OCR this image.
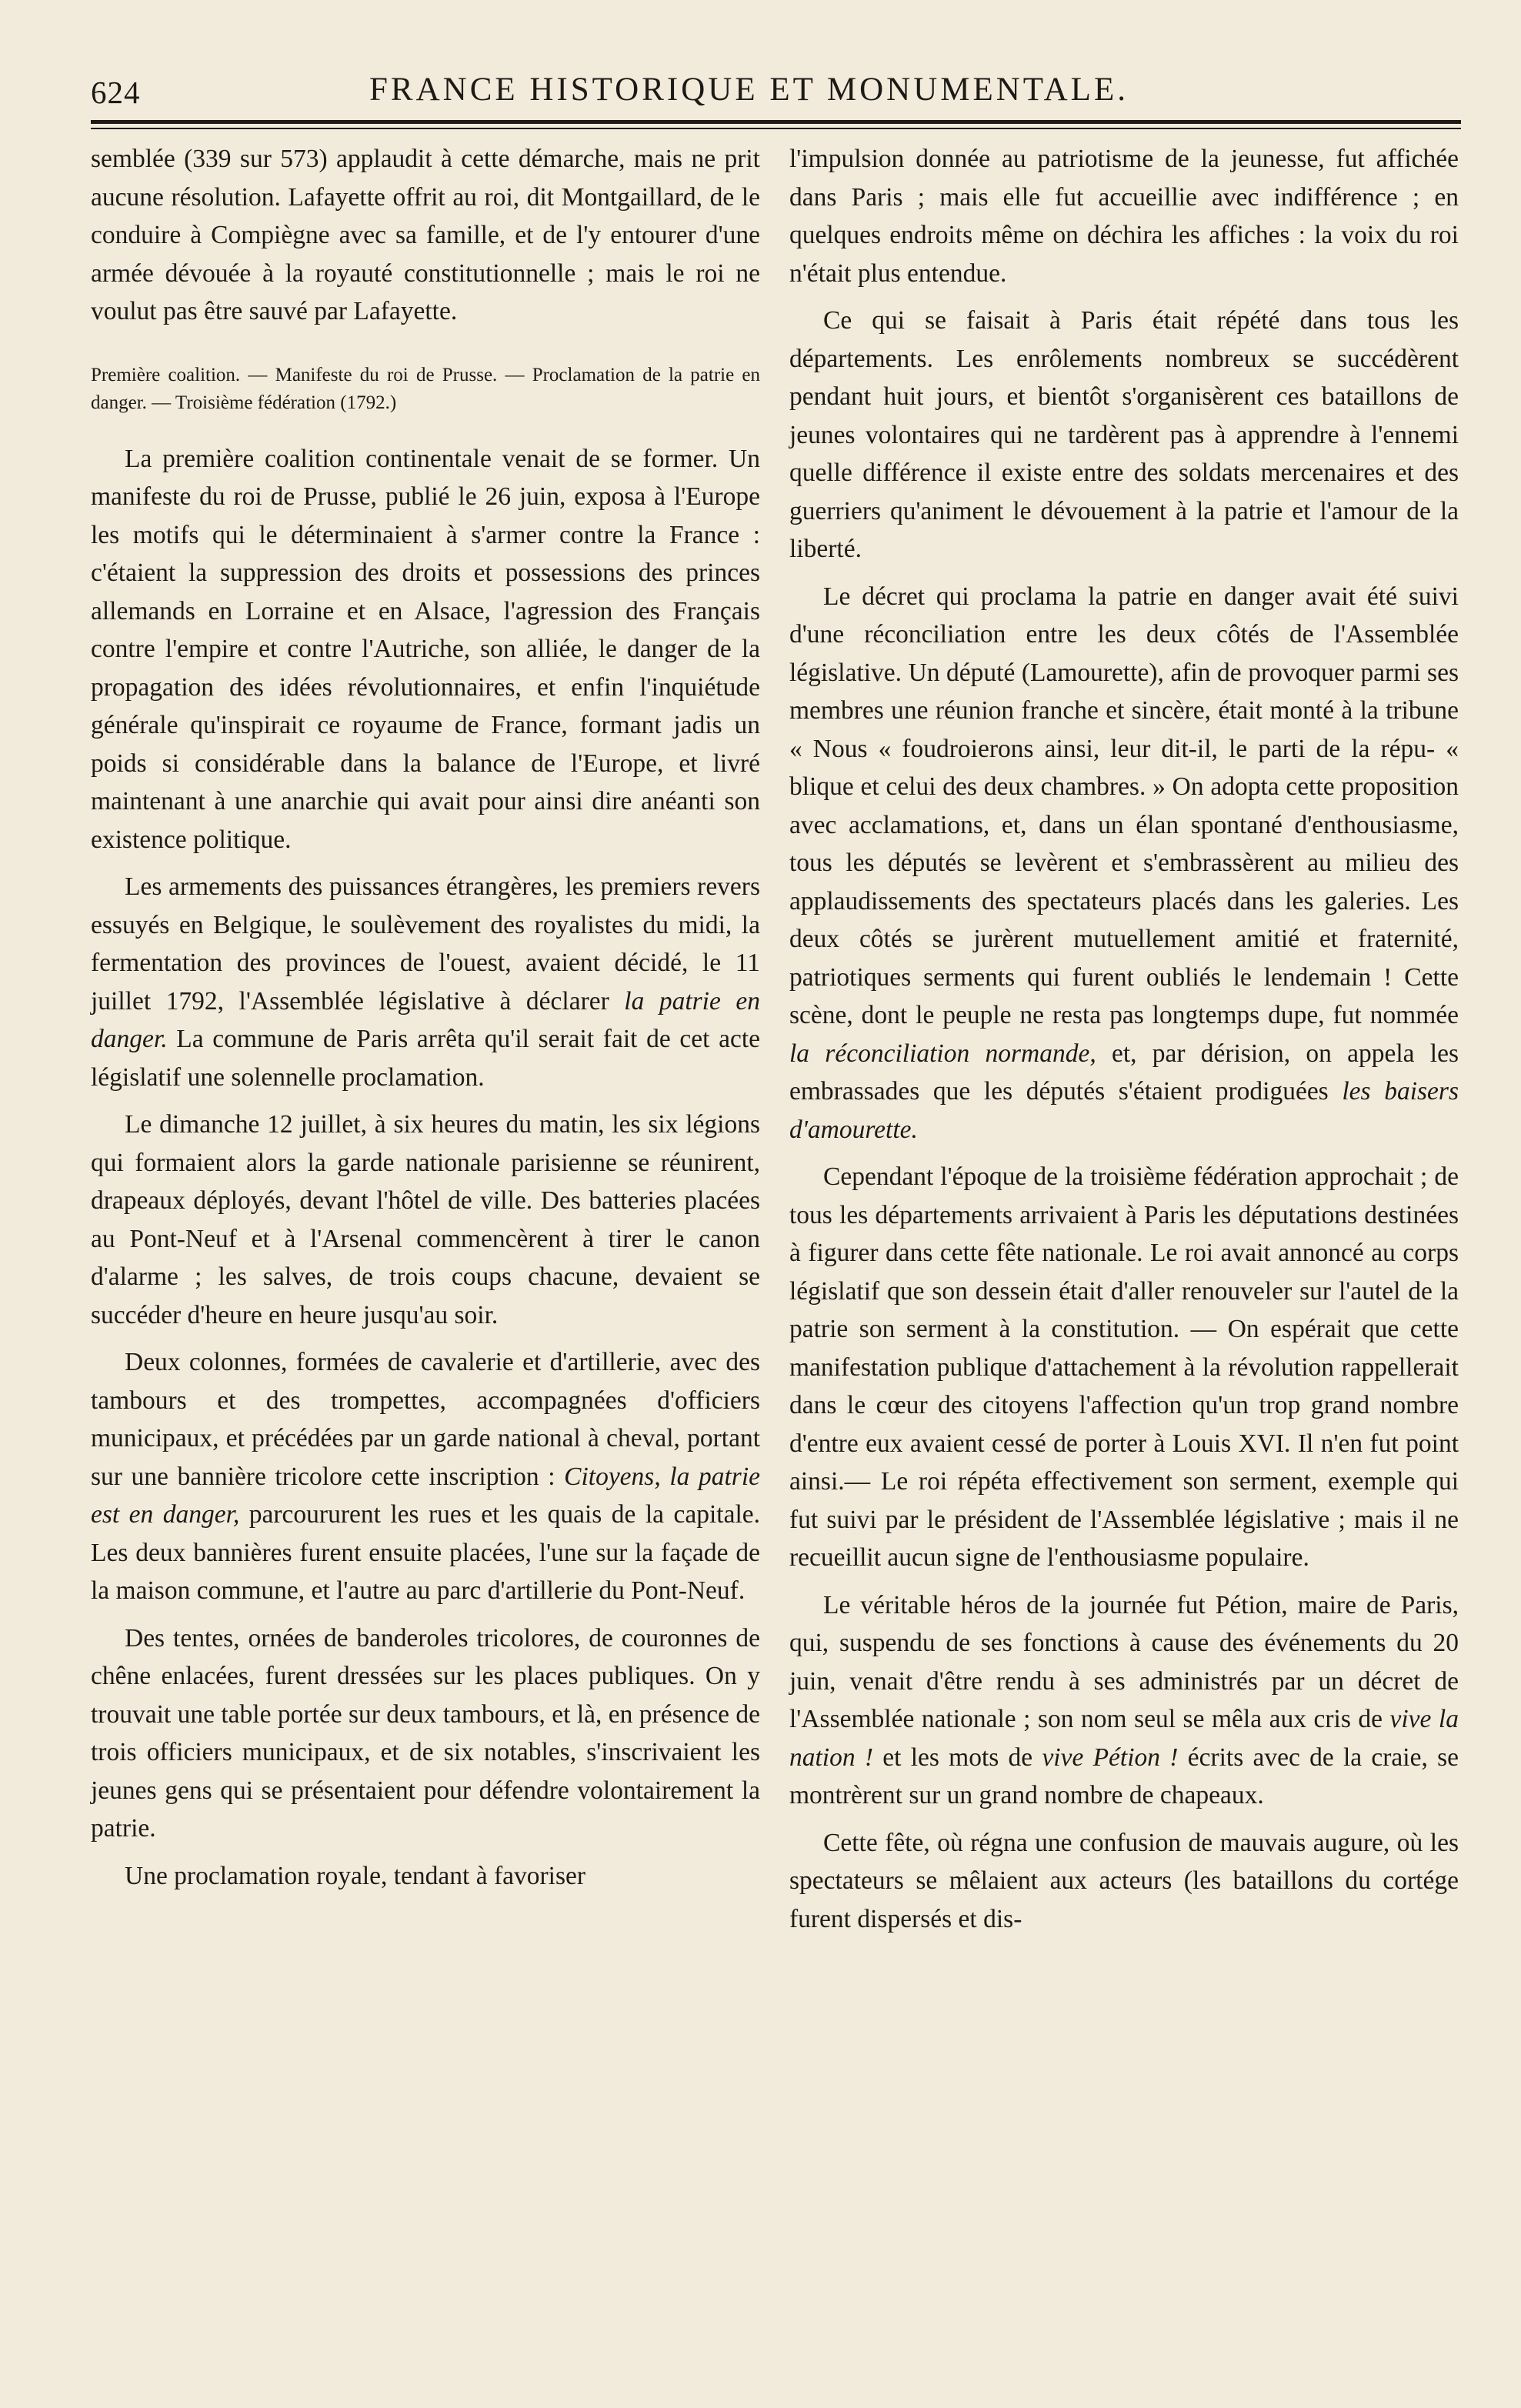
624	FRANCE HISTORIQUE ET MONUMENTALE.

semblée (339 sur 573) applaudit à cette démarche, mais ne prit aucune résolution. Lafayette offrit au roi, dit Montgaillard, de le conduire à Compiègne avec sa famille, et de l'y entourer d'une armée dévouée à la royauté constitutionnelle ; mais le roi ne voulut pas être sauvé par Lafayette.

Première coalition. — Manifeste du roi de Prusse. — Proclamation de la patrie en danger. — Troisième fédération (1792.)

La première coalition continentale venait de se former. Un manifeste du roi de Prusse, publié le 26 juin, exposa à l'Europe les motifs qui le déterminaient à s'armer contre la France : c'étaient la suppression des droits et possessions des princes allemands en Lorraine et en Alsace, l'agression des Français contre l'empire et contre l'Autriche, son alliée, le danger de la propagation des idées révolutionnaires, et enfin l'inquiétude générale qu'inspirait ce royaume de France, formant jadis un poids si considérable dans la balance de l'Europe, et livré maintenant à une anarchie qui avait pour ainsi dire anéanti son existence politique.

Les armements des puissances étrangères, les premiers revers essuyés en Belgique, le soulèvement des royalistes du midi, la fermentation des provinces de l'ouest, avaient décidé, le 11 juillet 1792, l'Assemblée législative à déclarer la patrie en danger. La commune de Paris arrêta qu'il serait fait de cet acte législatif une solennelle proclamation.

Le dimanche 12 juillet, à six heures du matin, les six légions qui formaient alors la garde nationale parisienne se réunirent, drapeaux déployés, devant l'hôtel de ville. Des batteries placées au Pont-Neuf et à l'Arsenal commencèrent à tirer le canon d'alarme ; les salves, de trois coups chacune, devaient se succéder d'heure en heure jusqu'au soir.

Deux colonnes, formées de cavalerie et d'artillerie, avec des tambours et des trompettes, accompagnées d'officiers municipaux, et précédées par un garde national à cheval, portant sur une bannière tricolore cette inscription : Citoyens, la patrie est en danger, parcoururent les rues et les quais de la capitale. Les deux bannières furent ensuite placées, l'une sur la façade de la maison commune, et l'autre au parc d'artillerie du Pont-Neuf.

Des tentes, ornées de banderoles tricolores, de couronnes de chêne enlacées, furent dressées sur les places publiques. On y trouvait une table portée sur deux tambours, et là, en présence de trois officiers municipaux, et de six notables, s'inscrivaient les jeunes gens qui se présentaient pour défendre volontairement la patrie.

Une proclamation royale, tendant à favoriser

l'impulsion donnée au patriotisme de la jeunesse, fut affichée dans Paris ; mais elle fut accueillie avec indifférence ; en quelques endroits même on déchira les affiches : la voix du roi n'était plus entendue.

Ce qui se faisait à Paris était répété dans tous les départements. Les enrôlements nombreux se succédèrent pendant huit jours, et bientôt s'organisèrent ces bataillons de jeunes volontaires qui ne tardèrent pas à apprendre à l'ennemi quelle différence il existe entre des soldats mercenaires et des guerriers qu'animent le dévouement à la patrie et l'amour de la liberté.

Le décret qui proclama la patrie en danger avait été suivi d'une réconciliation entre les deux côtés de l'Assemblée législative. Un député (Lamourette), afin de provoquer parmi ses membres une réunion franche et sincère, était monté à la tribune « Nous « foudroierons ainsi, leur dit-il, le parti de la répu- « blique et celui des deux chambres. » On adopta cette proposition avec acclamations, et, dans un élan spontané d'enthousiasme, tous les députés se levèrent et s'embrassèrent au milieu des applaudissements des spectateurs placés dans les galeries. Les deux côtés se jurèrent mutuellement amitié et fraternité, patriotiques serments qui furent oubliés le lendemain ! Cette scène, dont le peuple ne resta pas longtemps dupe, fut nommée la réconciliation normande, et, par dérision, on appela les embrassades que les députés s'étaient prodiguées les baisers d'amourette.

Cependant l'époque de la troisième fédération approchait ; de tous les départements arrivaient à Paris les députations destinées à figurer dans cette fête nationale. Le roi avait annoncé au corps législatif que son dessein était d'aller renouveler sur l'autel de la patrie son serment à la constitution. — On espérait que cette manifestation publique d'attachement à la révolution rappellerait dans le cœur des citoyens l'affection qu'un trop grand nombre d'entre eux avaient cessé de porter à Louis XVI. Il n'en fut point ainsi.— Le roi répéta effectivement son serment, exemple qui fut suivi par le président de l'Assemblée législative ; mais il ne recueillit aucun signe de l'enthousiasme populaire.

Le véritable héros de la journée fut Pétion, maire de Paris, qui, suspendu de ses fonctions à cause des événements du 20 juin, venait d'être rendu à ses administrés par un décret de l'Assemblée nationale ; son nom seul se mêla aux cris de vive la nation ! et les mots de vive Pétion ! écrits avec de la craie, se montrèrent sur un grand nombre de chapeaux.

Cette fête, où régna une confusion de mauvais augure, où les spectateurs se mêlaient aux acteurs (les bataillons du cortége furent dispersés et dis-
